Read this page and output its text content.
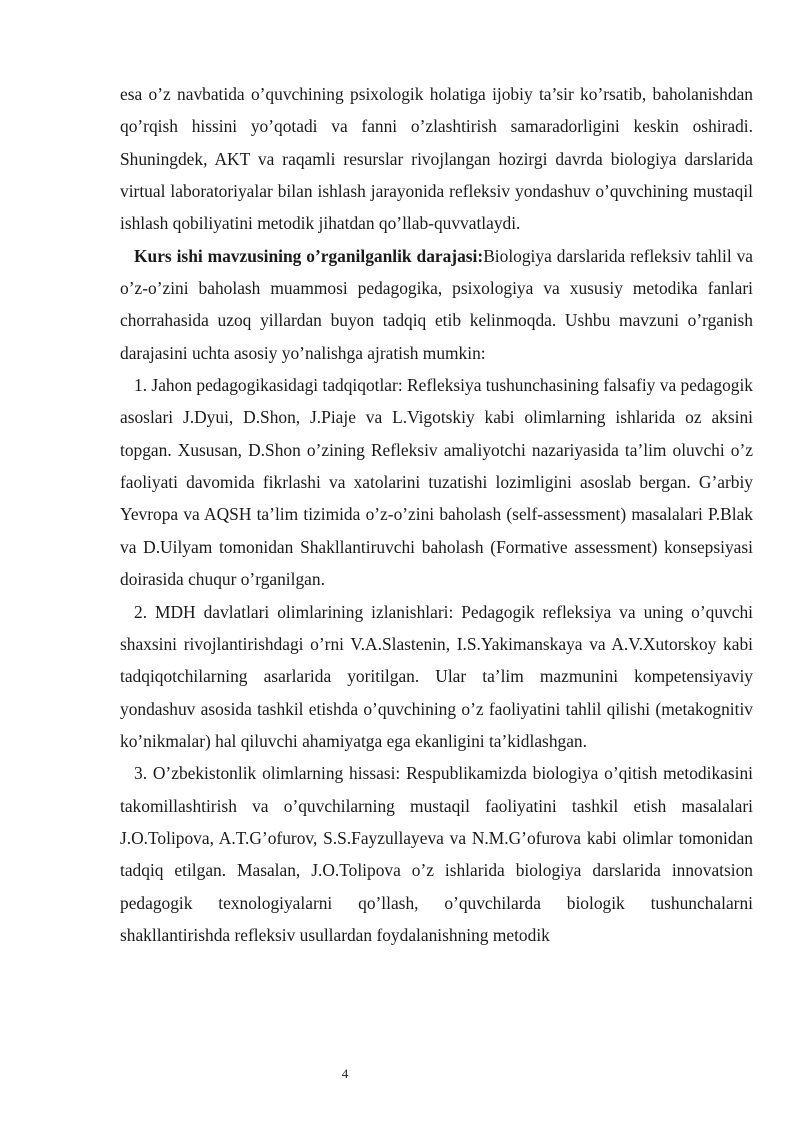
esa o’z navbatida o’quvchining psixologik holatiga ijobiy ta’sir ko’rsatib, baholanishdan qo’rqish hissini yo’qotadi va fanni o’zlashtirish samaradorligini keskin oshiradi. Shuningdek, AKT va raqamli resurslar rivojlangan hozirgi davrda biologiya darslarida virtual laboratoriyalar bilan ishlash jarayonida refleksiv yondashuv o’quvchining mustaqil ishlash qobiliyatini metodik jihatdan qo’llab-quvvatlaydi.

Kurs ishi mavzusining o’rganilganlik darajasi:Biologiya darslarida refleksiv tahlil va o’z-o’zini baholash muammosi pedagogika, psixologiya va xususiy metodika fanlari chorrahasida uzoq yillardan buyon tadqiq etib kelinmoqda. Ushbu mavzuni o’rganish darajasini uchta asosiy yo’nalishga ajratish mumkin:

1. Jahon pedagogikasidagi tadqiqotlar: Refleksiya tushunchasining falsafiy va pedagogik asoslari J.Dyui, D.Shon, J.Piaje va L.Vigotskiy kabi olimlarning ishlarida oz aksini topgan. Xususan, D.Shon o’zining Refleksiv amaliyotchi nazariyasida ta’lim oluvchi o’z faoliyati davomida fikrlashi va xatolarini tuzatishi lozimligini asoslab bergan. G’arbiy Yevropa va AQSH ta’lim tizimida o’z-o’zini baholash (self-assessment) masalalari P.Blak va D.Uilyam tomonidan Shakllantiruvchi baholash (Formative assessment) konsepsiyasi doirasida chuqur o’rganilgan.

2. MDH davlatlari olimlarining izlanishlari: Pedagogik refleksiya va uning o’quvchi shaxsini rivojlantirishdagi o’rni V.A.Slastenin, I.S.Yakimanskaya va A.V.Xutorskoy kabi tadqiqotchilarning asarlarida yoritilgan. Ular ta’lim mazmunini kompetensiyaviy yondashuv asosida tashkil etishda o’quvchining o’z faoliyatini tahlil qilishi (metakognitiv ko’nikmalar) hal qiluvchi ahamiyatga ega ekanligini ta’kidlashgan.

3. O’zbekistonlik olimlarning hissasi: Respublikamizda biologiya o’qitish metodikasini takomillashtirish va o’quvchilarning mustaqil faoliyatini tashkil etish masalalari J.O.Tolipova, A.T.G’ofurov, S.S.Fayzullayeva va N.M.G’ofurova kabi olimlar tomonidan tadqiq etilgan. Masalan, J.O.Tolipova o’z ishlarida biologiya darslarida innovatsion pedagogik texnologiyalarni qo’llash, o’quvchilarda biologik tushunchalarni shakllantirishda refleksiv usullardan foydalanishning metodik

4
